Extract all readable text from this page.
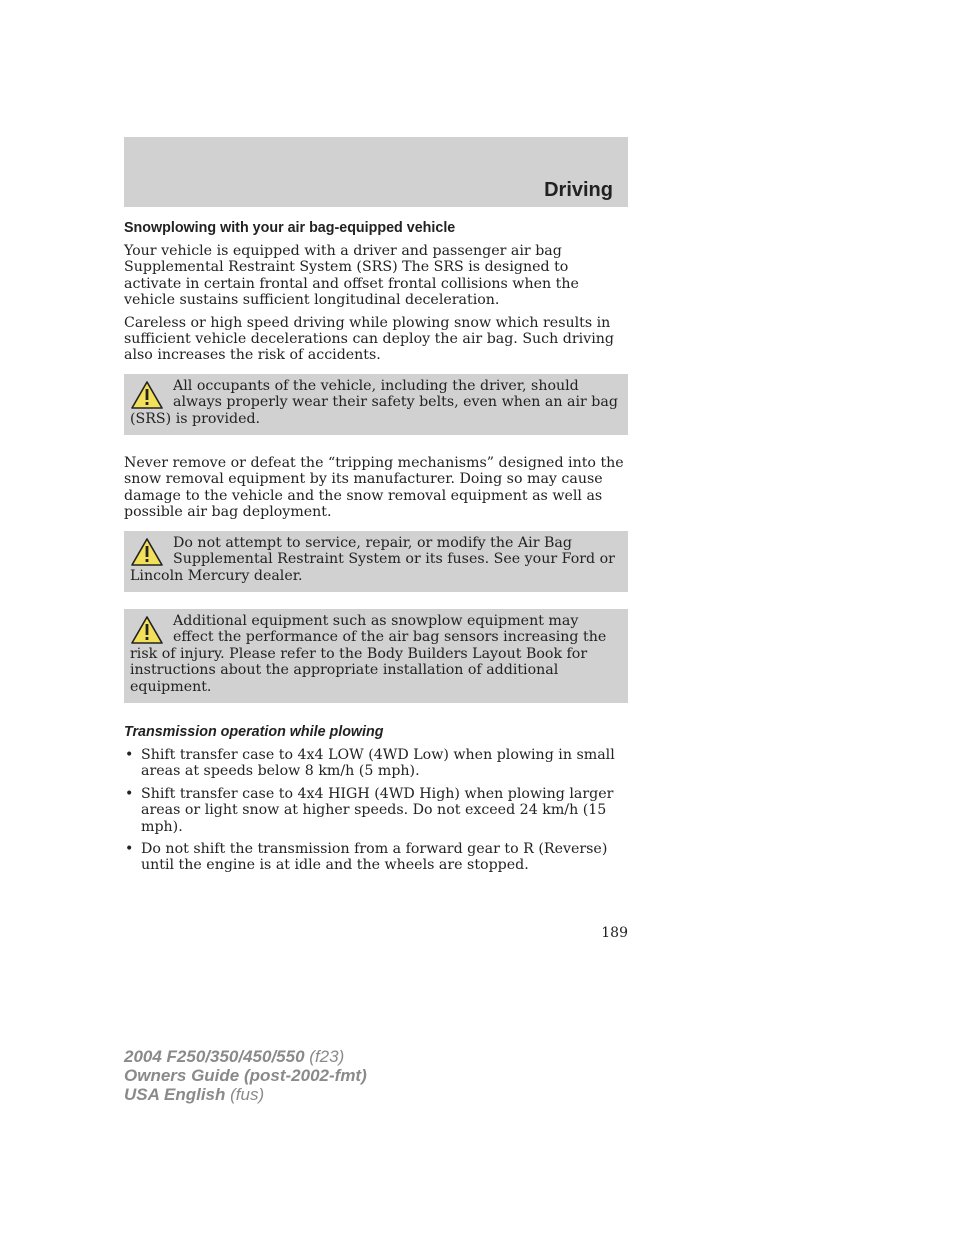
Driving
Snowplowing with your air bag-equipped vehicle

Your vehicle is equipped with a driver and passenger air bag Supplemental Restraint System (SRS) The SRS is designed to activate in certain frontal and offset frontal collisions when the vehicle sustains sufficient longitudinal deceleration.

Careless or high speed driving while plowing snow which results in sufficient vehicle decelerations can deploy the air bag. Such driving also increases the risk of accidents.

All occupants of the vehicle, including the driver, should always properly wear their safety belts, even when an air bag (SRS) is provided.

Never remove or defeat the “tripping mechanisms” designed into the snow removal equipment by its manufacturer. Doing so may cause damage to the vehicle and the snow removal equipment as well as possible air bag deployment.

Do not attempt to service, repair, or modify the Air Bag Supplemental Restraint System or its fuses. See your Ford or Lincoln Mercury dealer.

Additional equipment such as snowplow equipment may effect the performance of the air bag sensors increasing the risk of injury. Please refer to the Body Builders Layout Book for instructions about the appropriate installation of additional equipment.

Transmission operation while plowing
• Shift transfer case to 4x4 LOW (4WD Low) when plowing in small areas at speeds below 8 km/h (5 mph).
• Shift transfer case to 4x4 HIGH (4WD High) when plowing larger areas or light snow at higher speeds. Do not exceed 24 km/h (15 mph).
• Do not shift the transmission from a forward gear to R (Reverse) until the engine is at idle and the wheels are stopped.
189
2004 F250/350/450/550 (f23)
Owners Guide (post-2002-fmt)
USA English (fus)
